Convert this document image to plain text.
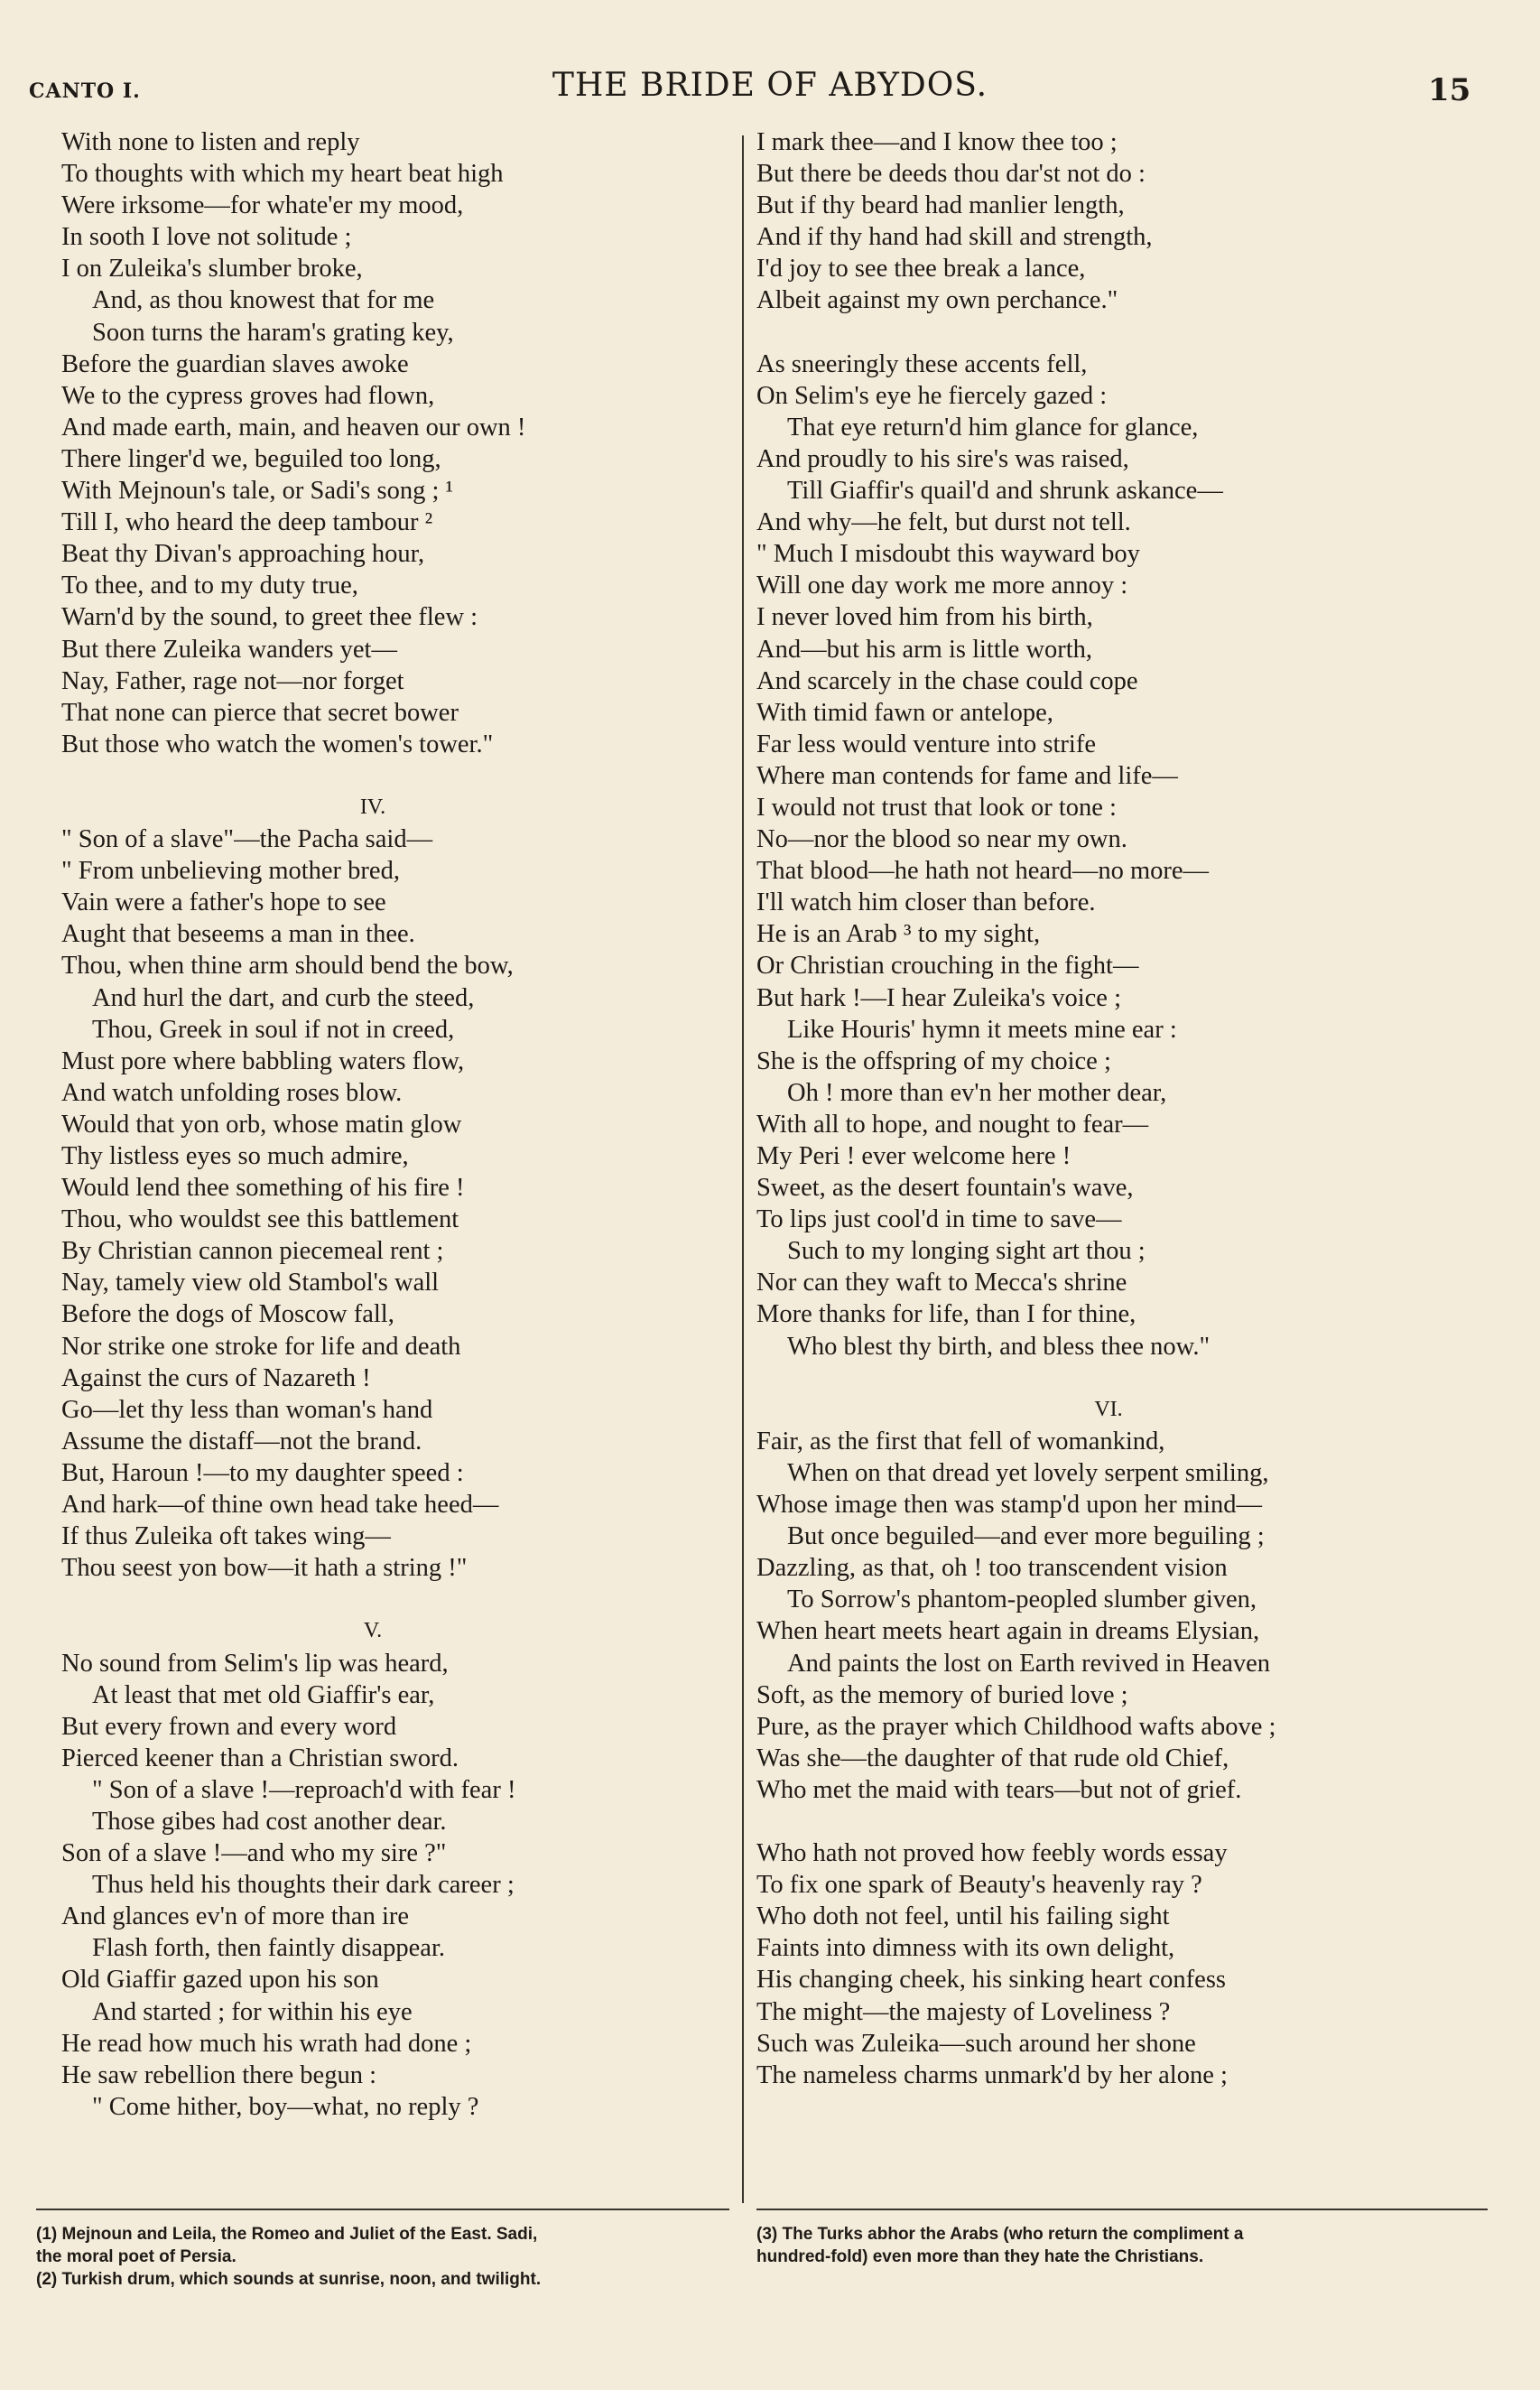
CANTO I.	THE BRIDE OF ABYDOS.	15
With none to listen and reply
To thoughts with which my heart beat high
Were irksome—for whate'er my mood,
In sooth I love not solitude ;
I on Zuleika's slumber broke,
And, as thou knowest that for me
Soon turns the haram's grating key,
Before the guardian slaves awoke
We to the cypress groves had flown,
And made earth, main, and heaven our own !
There linger'd we, beguiled too long,
With Mejnoun's tale, or Sadi's song ; ¹
Till I, who heard the deep tambour ²
Beat thy Divan's approaching hour,
To thee, and to my duty true,
Warn'd by the sound, to greet thee flew :
But there Zuleika wanders yet—
Nay, Father, rage not—nor forget
That none can pierce that secret bower
But those who watch the women's tower."
IV.
" Son of a slave"—the Pacha said—
" From unbelieving mother bred,
Vain were a father's hope to see
Aught that beseems a man in thee.
Thou, when thine arm should bend the bow,
And hurl the dart, and curb the steed,
Thou, Greek in soul if not in creed,
Must pore where babbling waters flow,
And watch unfolding roses blow.
Would that yon orb, whose matin glow
Thy listless eyes so much admire,
Would lend thee something of his fire !
Thou, who wouldst see this battlement
By Christian cannon piecemeal rent ;
Nay, tamely view old Stambol's wall
Before the dogs of Moscow fall,
Nor strike one stroke for life and death
Against the curs of Nazareth !
Go—let thy less than woman's hand
Assume the distaff—not the brand.
But, Haroun !—to my daughter speed :
And hark—of thine own head take heed—
If thus Zuleika oft takes wing—
Thou seest yon bow—it hath a string !"
V.
No sound from Selim's lip was heard,
At least that met old Giaffir's ear,
But every frown and every word
Pierced keener than a Christian sword.
" Son of a slave !—reproach'd with fear !
Those gibes had cost another dear.
Son of a slave !—and who my sire ?"
Thus held his thoughts their dark career ;
And glances ev'n of more than ire
Flash forth, then faintly disappear.
Old Giaffir gazed upon his son
And started ; for within his eye
He read how much his wrath had done ;
He saw rebellion there begun :
" Come hither, boy—what, no reply ?
I mark thee—and I know thee too ;
But there be deeds thou dar'st not do :
But if thy beard had manlier length,
And if thy hand had skill and strength,
I'd joy to see thee break a lance,
Albeit against my own perchance."
As sneeringly these accents fell,
On Selim's eye he fiercely gazed :
That eye return'd him glance for glance,
And proudly to his sire's was raised,
Till Giaffir's quail'd and shrunk askance—
And why—he felt, but durst not tell.
" Much I misdoubt this wayward boy
Will one day work me more annoy :
I never loved him from his birth,
And—but his arm is little worth,
And scarcely in the chase could cope
With timid fawn or antelope,
Far less would venture into strife
Where man contends for fame and life—
I would not trust that look or tone :
No—nor the blood so near my own.
That blood—he hath not heard—no more—
I'll watch him closer than before.
He is an Arab ³ to my sight,
Or Christian crouching in the fight—
But hark !—I hear Zuleika's voice ;
Like Houris' hymn it meets mine ear :
She is the offspring of my choice ;
Oh ! more than ev'n her mother dear,
With all to hope, and nought to fear—
My Peri ! ever welcome here !
Sweet, as the desert fountain's wave,
To lips just cool'd in time to save—
Such to my longing sight art thou ;
Nor can they waft to Mecca's shrine
More thanks for life, than I for thine,
Who blest thy birth, and bless thee now."
VI.
Fair, as the first that fell of womankind,
When on that dread yet lovely serpent smiling,
Whose image then was stamp'd upon her mind—
But once beguiled—and ever more beguiling ;
Dazzling, as that, oh ! too transcendent vision
To Sorrow's phantom-peopled slumber given,
When heart meets heart again in dreams Elysian,
And paints the lost on Earth revived in Heaven
Soft, as the memory of buried love ;
Pure, as the prayer which Childhood wafts above ;
Was she—the daughter of that rude old Chief,
Who met the maid with tears—but not of grief.
Who hath not proved how feebly words essay
To fix one spark of Beauty's heavenly ray ?
Who doth not feel, until his failing sight
Faints into dimness with its own delight,
His changing cheek, his sinking heart confess
The might—the majesty of Loveliness ?
Such was Zuleika—such around her shone
The nameless charms unmark'd by her alone ;
(1) Mejnoun and Leila, the Romeo and Juliet of the East. Sadi,
the moral poet of Persia.
(2) Turkish drum, which sounds at sunrise, noon, and twilight.
(3) The Turks abhor the Arabs (who return the compliment a
hundred-fold) even more than they hate the Christians.
